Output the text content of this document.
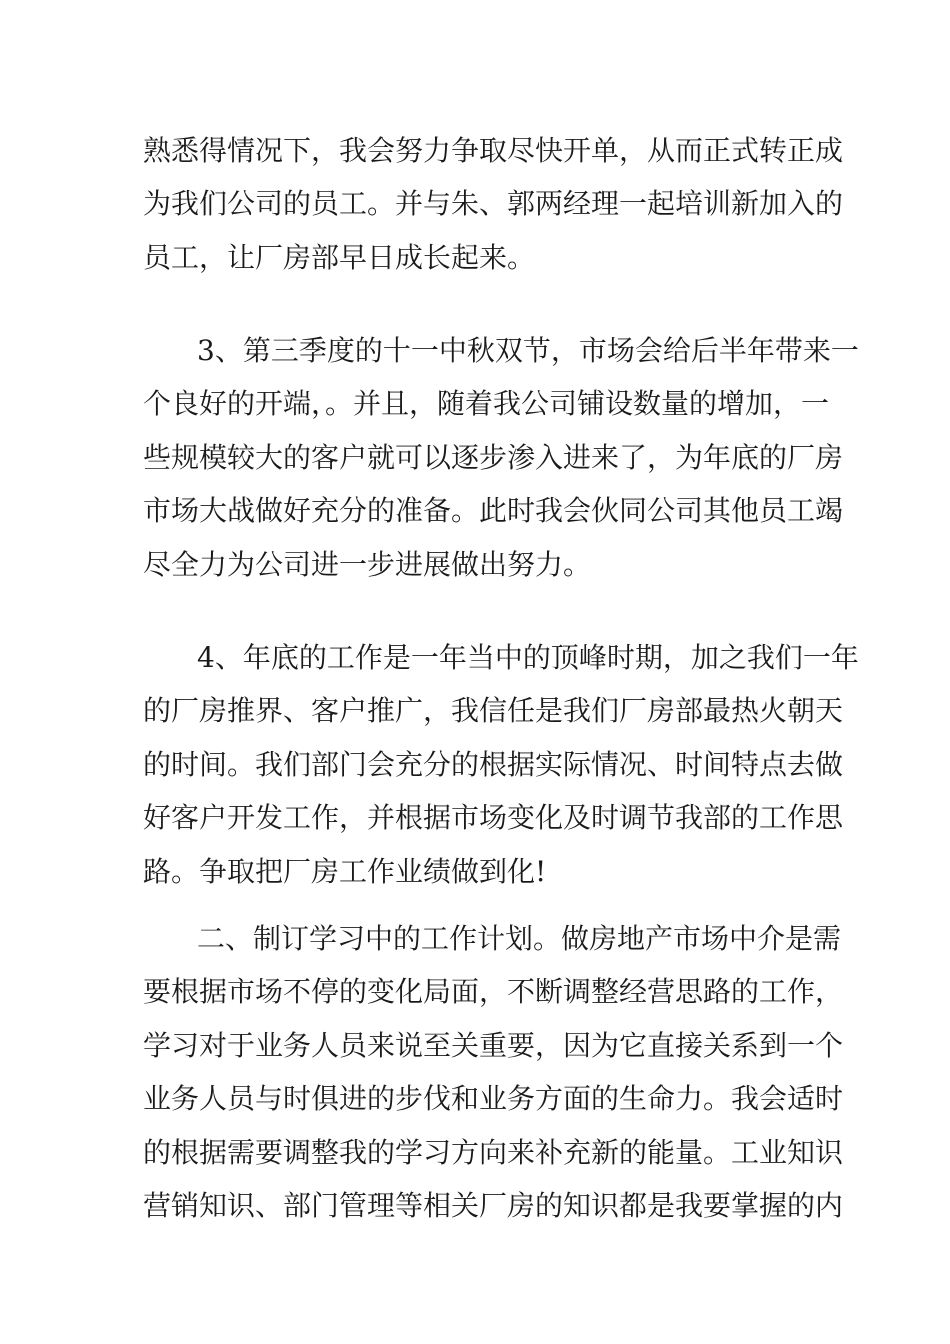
熟悉得情况下，我会努力争取尽快开单，从而正式转正成
为我们公司的员工。并与朱、郭两经理一起培训新加入的
员工，让厂房部早日成长起来。
3、第三季度的十一中秋双节，市场会给后半年带来一
个良好的开端，。并且，随着我公司铺设数量的增加，一
些规模较大的客户就可以逐步渗入进来了，为年底的厂房
市场大战做好充分的准备。此时我会伙同公司其他员工竭
尽全力为公司进一步进展做出努力。
4、年底的工作是一年当中的顶峰时期，加之我们一年
的厂房推界、客户推广，我信任是我们厂房部最热火朝天
的时间。我们部门会充分的根据实际情况、时间特点去做
好客户开发工作，并根据市场变化及时调节我部的工作思
路。争取把厂房工作业绩做到化!
二、制订学习中的工作计划。做房地产市场中介是需
要根据市场不停的变化局面，不断调整经营思路的工作，
学习对于业务人员来说至关重要，因为它直接关系到一个
业务人员与时俱进的步伐和业务方面的生命力。我会适时
的根据需要调整我的学习方向来补充新的能量。工业知识
营销知识、部门管理等相关厂房的知识都是我要掌握的内
